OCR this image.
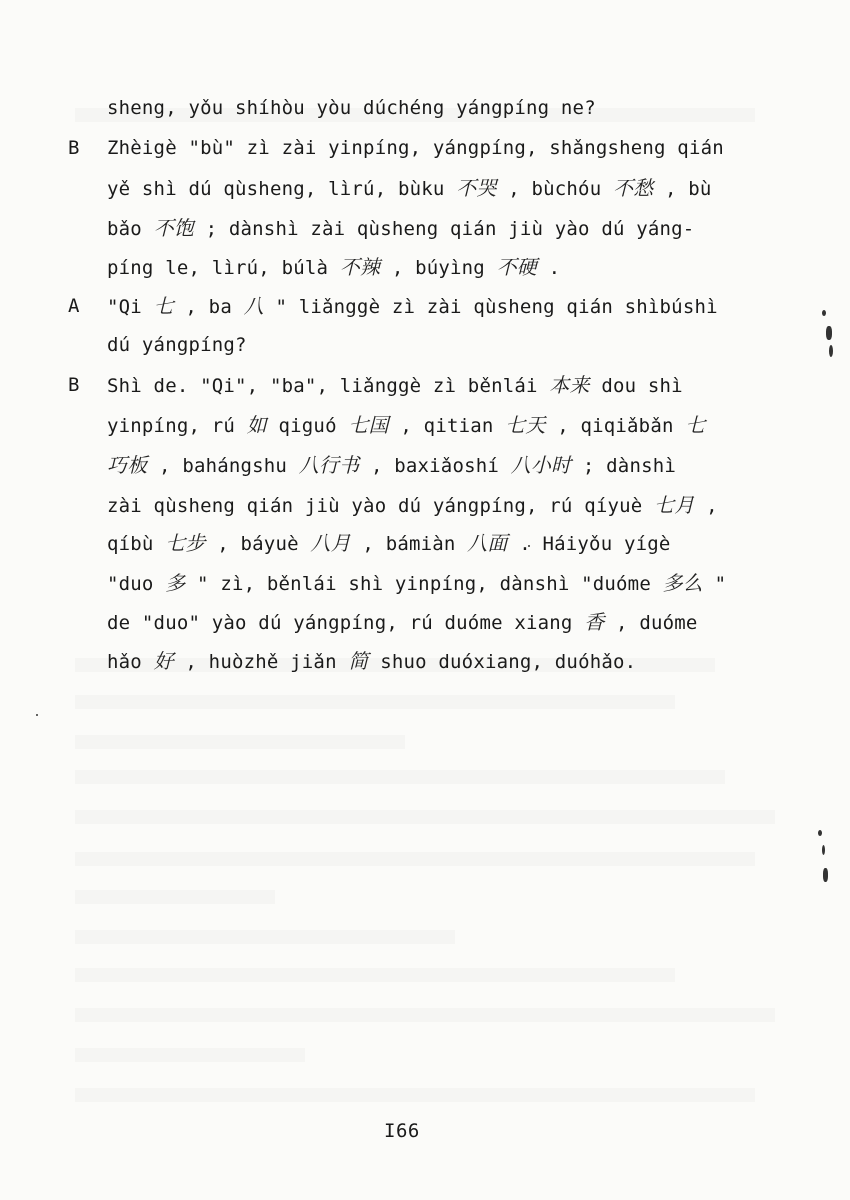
sheng, yǒu shíhòu yòu dúchéng yángpíng ne?
B Zhèigè "bù" zì zài yinpíng, yángpíng, shǎngsheng qián
yě shì dú qùsheng, lìrú, bùku 不哭 , bùchóu 不愁 , bù
bǎo 不饱 ; dànshì zài qùsheng qián jiù yào dú yáng-
píng le, lìrú, búlà 不辣 , búyìng 不硬 .
A "Qi 七 , ba 八 " liǎnggè zì zài qùsheng qián shìbúshì
dú yángpíng?
B Shì de. "Qi", "ba", liǎnggè zì běnlái 本来 dou shì
yinpíng, rú 如 qiguó 七国 , qitian 七天 , qiqiǎbǎn 七
巧板 , bahángshu 八行书 , baxiǎoshí 八小时 ; dànshì
zài qùsheng qián jiù yào dú yángpíng, rú qíyuè 七月 ,
qíbù 七步 , báyuè 八月 , bámiàn 八面 . Háiyǒu yígè
"duo 多 " zì, běnlái shì yinpíng, dànshì "duóme 多么 "
de "duo" yào dú yángpíng, rú duóme xiang 香 , duóme
hǎo 好 , huòzhě jiǎn 简 shuo duóxiang, duóhǎo.
I66
